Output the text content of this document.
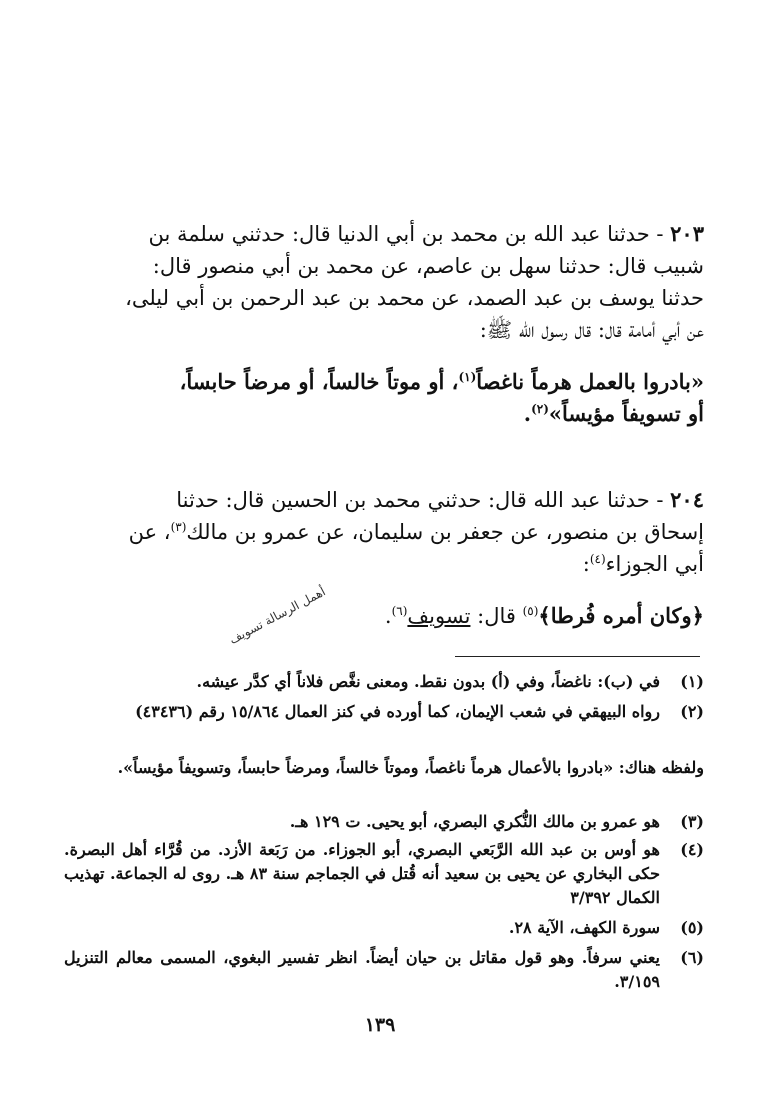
٢٠٣ - حدثنا عبد الله بن محمد بن أبي الدنيا قال: حدثني سلمة بن
شبيب قال: حدثنا سهل بن عاصم، عن محمد بن أبي منصور قال:
حدثنا يوسف بن عبد الصمد، عن محمد بن عبد الرحمن بن أبي ليلى،
عن أبي أمامة قال: قال رسول الله ﷺ:
«بادروا بالعمل هرماً ناغصاً$^{(١)}$، أو موتاً خالساً، أو مرضاً حابساً،
أو تسويفاً مؤيساً»$^{(٢)}$.
٢٠٤ - حدثنا عبد الله قال: حدثني محمد بن الحسين قال: حدثنا
إسحاق بن منصور، عن جعفر بن سليمان، عن عمرو بن مالك$^{(٣)}$، عن
أبي الجوزاء$^{(٤)}$:
﴿وكان أمره فُرطا﴾$^{(٥)}$ قال: تسويف$^{(٦)}$.
أهمل الرسالة تسويف
(١)
في (ب): ناغضاً، وفي (أ) بدون نقط. ومعنى نغَّص فلاناً أي كدَّر عيشه.
(٢)
رواه البيهقي في شعب الإيمان، كما أورده في كنز العمال ١٥/٨٦٤ رقم (٤٣٤٣٦)
ولفظه هناك: «بادروا بالأعمال هرماً ناغصاً، وموتاً خالساً، ومرضاً حابساً، وتسويفاً مؤيساً».
(٣)
هو عمرو بن مالك النُّكري البصري، أبو يحيى. ت ١٢٩ هـ.
(٤)
هو أوس بن عبد الله الرَّبَعي البصري، أبو الجوزاء. من رَبَعة الأزد. من قُرَّاء أهل البصرة. حكى البخاري عن يحيى بن سعيد أنه قُتل في الجماجم سنة ٨٣ هـ. روى له الجماعة. تهذيب الكمال ٣/٣٩٢
(٥)
سورة الكهف، الآية ٢٨.
(٦)
يعني سرفاً. وهو قول مقاتل بن حيان أيضاً. انظر تفسير البغوي، المسمى معالم التنزيل ٣/١٥٩.
١٣٩
